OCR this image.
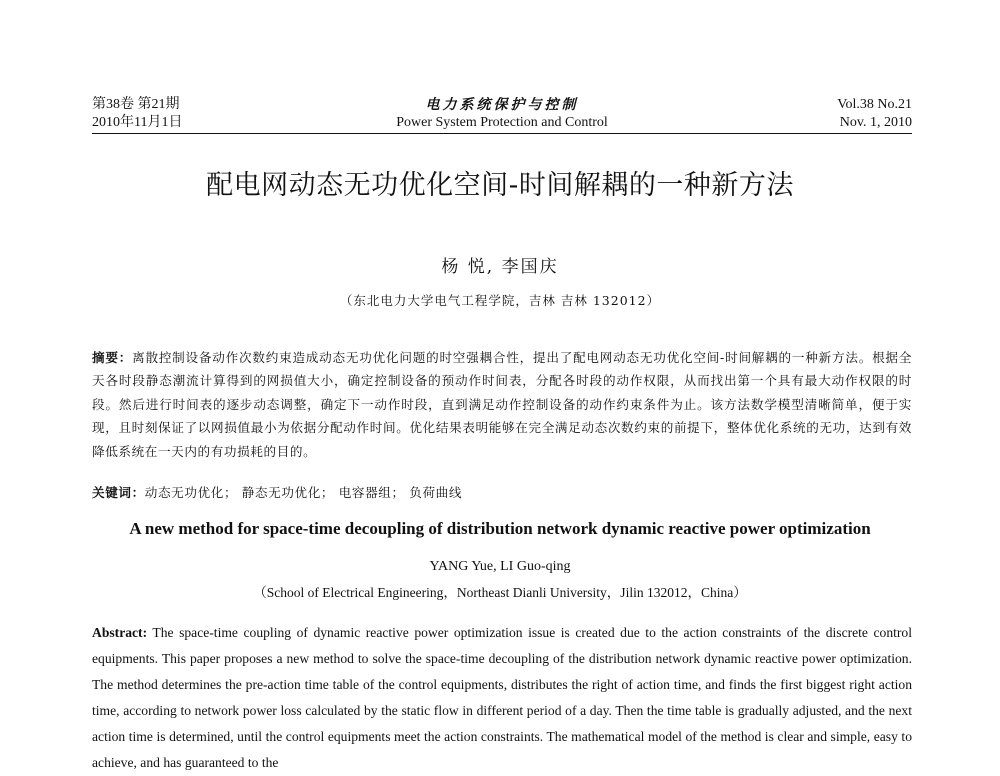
第38卷 第21期	电力系统保护与控制	Vol.38 No.21
2010年11月1日	Power System Protection and Control	Nov. 1, 2010
配电网动态无功优化空间-时间解耦的一种新方法
杨 悦, 李国庆
（东北电力大学电气工程学院，吉林 吉林 132012）
摘要：离散控制设备动作次数约束造成动态无功优化问题的时空强耦合性，提出了配电网动态无功优化空间-时间解耦的一种新方法。根据全天各时段静态潮流计算得到的网损值大小，确定控制设备的预动作时间表，分配各时段的动作权限，从而找出第一个具有最大动作权限的时段。然后进行时间表的逐步动态调整，确定下一动作时段，直到满足动作控制设备的动作约束条件为止。该方法数学模型清晰简单，便于实现，且时刻保证了以网损值最小为依据分配动作时间。优化结果表明能够在完全满足动态次数约束的前提下，整体优化系统的无功，达到有效降低系统在一天内的有功损耗的目的。
关键词：动态无功优化； 静态无功优化； 电容器组； 负荷曲线
A new method for space-time decoupling of distribution network dynamic reactive power optimization
YANG Yue, LI Guo-qing
（School of Electrical Engineering，Northeast Dianli University，Jilin 132012，China）
Abstract: The space-time coupling of dynamic reactive power optimization issue is created due to the action constraints of the discrete control equipments. This paper proposes a new method to solve the space-time decoupling of the distribution network dynamic reactive power optimization. The method determines the pre-action time table of the control equipments, distributes the right of action time, and finds the first biggest right action time, according to network power loss calculated by the static flow in different period of a day. Then the time table is gradually adjusted, and the next action time is determined, until the control equipments meet the action constraints. The mathematical model of the method is clear and simple, easy to achieve, and has guaranteed to the
